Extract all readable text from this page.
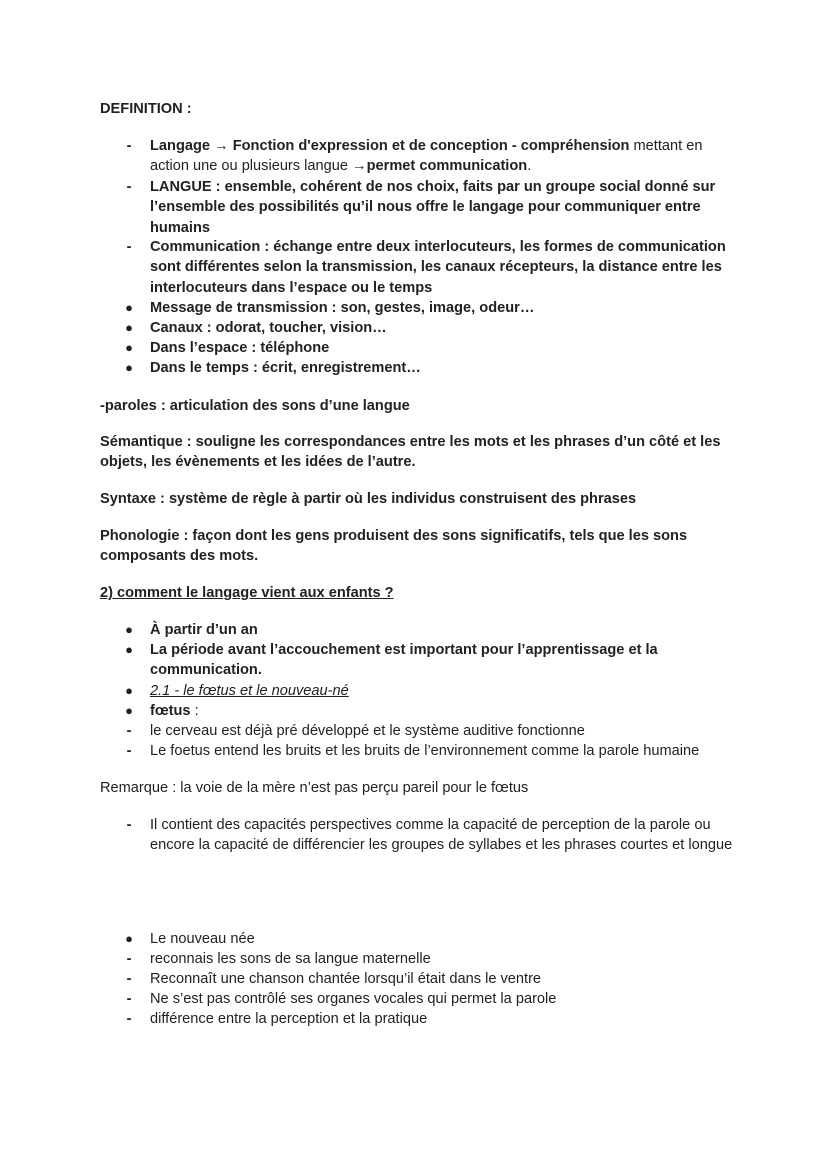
DEFINITION :
- Langage → Fonction d'expression et de conception - compréhension mettant en action une ou plusieurs langue →permet communication.

- LANGUE : ensemble, cohérent de nos choix, faits par un groupe social donné sur l’ensemble des possibilités qu’il nous offre le langage pour communiquer entre humains

- Communication : échange entre deux interlocuteurs, les formes de communication sont différentes selon la transmission, les canaux récepteurs, la distance entre les interlocuteurs dans l’espace ou le temps

● Message de transmission : son, gestes, image, odeur…

● Canaux : odorat, toucher, vision…

● Dans l’espace : téléphone

● Dans le temps : écrit, enregistrement…

-paroles : articulation des sons d’une langue
Sémantique : souligne les correspondances entre les mots et les phrases d’un côté et les objets, les évènements et les idées de l’autre.
Syntaxe : système de règle à partir où les individus construisent des phrases
Phonologie : façon dont les gens produisent des sons significatifs, tels que les sons composants des mots.
2) comment le langage vient aux enfants ?
● À partir d’un an

● La période avant l’accouchement est important pour l’apprentissage et la communication.

● 2.1 - le fœtus et le nouveau-né

● fœtus :

- le cerveau est déjà pré développé et le système auditive fonctionne

- Le foetus entend les bruits et les bruits de l’environnement comme la parole humaine

Remarque : la voie de la mère n’est pas perçu pareil pour le fœtus
- Il contient des capacités perspectives comme la capacité de perception de la parole ou encore la capacité de différencier les groupes de syllabes et les phrases courtes et longue

● Le nouveau née

- reconnais les sons de sa langue maternelle

- Reconnaît une chanson chantée lorsqu’il était dans le ventre

- Ne s’est pas contrôlé ses organes vocales qui permet la parole

- différence entre la perception et la pratique
